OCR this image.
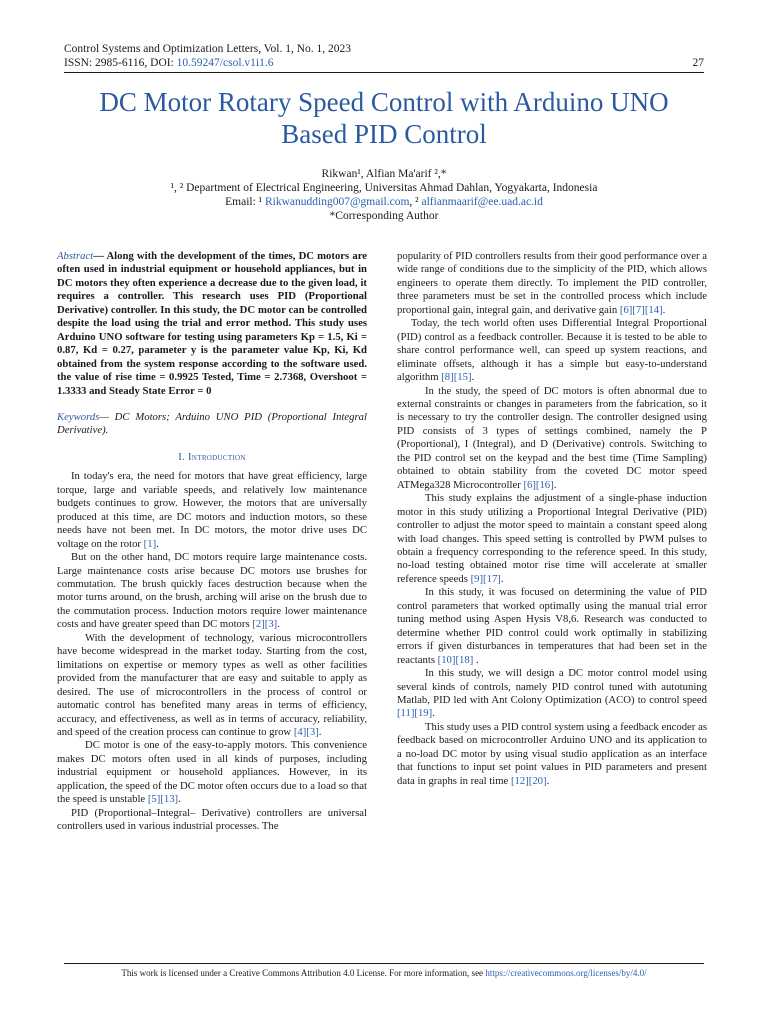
Control Systems and Optimization Letters, Vol. 1, No. 1, 2023
ISSN: 2985-6116, DOI: 10.59247/csol.v1i1.6	27
DC Motor Rotary Speed Control with Arduino UNO Based PID Control
Rikwan¹, Alfian Ma'arif ²,*
¹, ² Department of Electrical Engineering, Universitas Ahmad Dahlan, Yogyakarta, Indonesia
Email: ¹ Rikwanudding007@gmail.com, ² alfianmaarif@ee.uad.ac.id
*Corresponding Author

Abstract— Along with the development of the times, DC motors are often used in industrial equipment or household appliances, but in DC motors they often experience a decrease due to the given load, it requires a controller. This research uses PID (Proportional Derivative) controller. In this study, the DC motor can be controlled despite the load using the trial and error method. This study uses Arduino UNO software for testing using parameters Kp = 1.5, Ki = 0.87, Kd = 0.27, parameter y is the parameter value Kp, Ki, Kd obtained from the system response according to the software used. the value of rise time = 0.9925 Tested, Time = 2.7368, Overshoot = 1.3333 and Steady State Error = 0

Keywords— DC Motors; Arduino UNO PID (Proportional Integral Derivative).

I. Introduction

In today's era, the need for motors that have great efficiency, large torque, large and variable speeds, and relatively low maintenance budgets continues to grow. However, the motors that are universally produced at this time, are DC motors and induction motors, so these needs have not been met. In DC motors, the motor drive uses DC voltage on the rotor [1].

But on the other hand, DC motors require large maintenance costs. Large maintenance costs arise because DC motors use brushes for commutation. The brush quickly faces destruction because when the motor turns around, on the brush, arching will arise on the brush due to the commutation process. Induction motors require lower maintenance costs and have greater speed than DC motors [2][3].

With the development of technology, various microcontrollers have become widespread in the market today. Starting from the cost, limitations on expertise or memory types as well as other facilities provided from the manufacturer that are easy and suitable to apply as desired. The use of microcontrollers in the process of control or automatic control has benefited many areas in terms of efficiency, accuracy, and effectiveness, as well as in terms of accuracy, reliability, and speed of the creation process can continue to grow [4][3].

DC motor is one of the easy-to-apply motors. This convenience makes DC motors often used in all kinds of purposes, including industrial equipment or household appliances. However, in its application, the speed of the DC motor often occurs due to a load so that the speed is unstable [5][13].

PID (Proportional–Integral– Derivative) controllers are universal controllers used in various industrial processes. The

popularity of PID controllers results from their good performance over a wide range of conditions due to the simplicity of the PID, which allows engineers to operate them directly. To implement the PID controller, three parameters must be set in the controlled process which include proportional gain, integral gain, and derivative gain [6][7][14].

Today, the tech world often uses Differential Integral Proportional (PID) control as a feedback controller. Because it is tested to be able to share control performance well, can speed up system reactions, and eliminate offsets, although it has a simple but easy-to-understand algorithm [8][15].

In the study, the speed of DC motors is often abnormal due to external constraints or changes in parameters from the fabrication, so it is necessary to try the controller design. The controller designed using PID consists of 3 types of settings combined, namely the P (Proportional), I (Integral), and D (Derivative) controls. Switching to the PID control set on the keypad and the best time (Time Sampling) obtained to obtain stability from the coveted DC motor speed ATMega328 Microcontroller [6][16].

This study explains the adjustment of a single-phase induction motor in this study utilizing a Proportional Integral Derivative (PID) controller to adjust the motor speed to maintain a constant speed along with load changes. This speed setting is controlled by PWM pulses to obtain a frequency corresponding to the reference speed. In this study, no-load testing obtained motor rise time will accelerate at smaller reference speeds [9][17].

In this study, it was focused on determining the value of PID control parameters that worked optimally using the manual trial error tuning method using Aspen Hysis V8,6. Research was conducted to determine whether PID control could work optimally in stabilizing errors if given disturbances in temperatures that had been set in the reactants [10][18] .

In this study, we will design a DC motor control model using several kinds of controls, namely PID control tuned with autotuning Matlab, PID led with Ant Colony Optimization (ACO) to control speed [11][19].

This study uses a PID control system using a feedback encoder as feedback based on microcontroller Arduino UNO and its application to a no-load DC motor by using visual studio application as an interface that functions to input set point values in PID parameters and present data in graphs in real time [12][20].

This work is licensed under a Creative Commons Attribution 4.0 License. For more information, see https://creativecommons.org/licenses/by/4.0/
